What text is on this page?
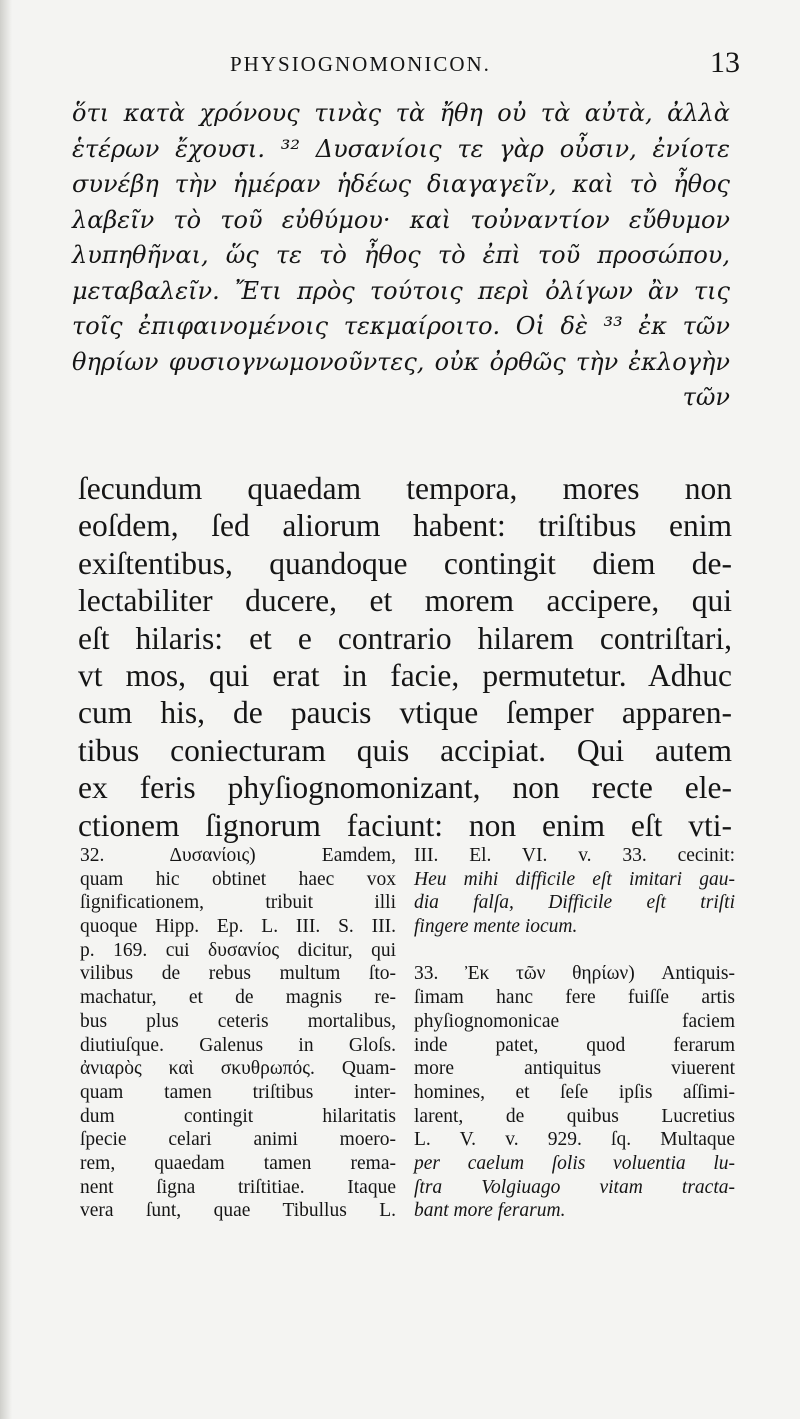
PHYSIOGNOMONICON.	13
ὅτι κατὰ χρόνους τινὰς τὰ ἤθη οὐ τὰ αὐτὰ, ἀλλὰ
ἑτέρων ἔχουσι. ³² Δυσανίοις τε γὰρ οὖσιν, ἐνίοτε
συνέβη τὴν ἡμέραν ἡδέως διαγαγεῖν, καὶ τὸ ἦθος
λαβεῖν τὸ τοῦ εὐθύμου· καὶ τοὐναντίον εὔθυμον
λυπηθῆναι, ὥς τε τὸ ἦθος τὸ ἐπὶ τοῦ προσώπου,
μεταβαλεῖν. Ἔτι πρὸς τούτοις περὶ ὀλίγων ἂν τις
τοῖς ἐπιφαινομένοις τεκμαίροιτο. Οἱ δὲ ³³ ἐκ τῶν
θηρίων φυσιογνωμονοῦντες, οὐκ ὀρθῶς τὴν ἐκλογὴν
τῶν
ſecundum quaedam tempora, mores non
eoſdem, ſed aliorum habent: triſtibus enim
exiſtentibus, quandoque contingit diem de-
lectabiliter ducere, et morem accipere, qui
eſt hilaris: et e contrario hilarem contriſtari,
vt mos, qui erat in facie, permutetur. Adhuc
cum his, de paucis vtique ſemper apparen-
tibus coniecturam quis accipiat. Qui autem
ex feris phyſiognomonizant, non recte ele-
ctionem ſignorum faciunt: non enim eſt vti-
32. Δυσανίοις) Eamdem,
quam hic obtinet haec vox
ſignificationem, tribuit illi
quoque Hipp. Ep. L. III. S. III.
p. 169. cui δυσανίος dicitur, qui
vilibus de rebus multum ſto-
machatur, et de magnis re-
bus plus ceteris mortalibus,
diutiuſque. Galenus in Gloſs.
ἀνιαρὸς καὶ σκυθρωπός. Quam-
quam tamen triſtibus inter-
dum contingit hilaritatis
ſpecie celari animi moero-
rem, quaedam tamen rema-
nent ſigna triſtitiae. Itaque
vera ſunt, quae Tibullus L.
III. El. VI. v. 33. cecinit:
Heu mihi difficile eſt imitari gau-
dia falſa, Difficile eſt triſti
fingere mente iocum.
33. Ἐκ τῶν θηρίων) Antiquis-
ſimam hanc fere fuiſſe artis
phyſiognomonicae faciem
inde patet, quod ferarum
more antiquitus viuerent
homines, et ſeſe ipſis aſſimi-
larent, de quibus Lucretius
L. V. v. 929. ſq. Multaque
per caelum ſolis voluentia lu-
ſtra Volgiuago vitam tracta-
bant more ferarum.
